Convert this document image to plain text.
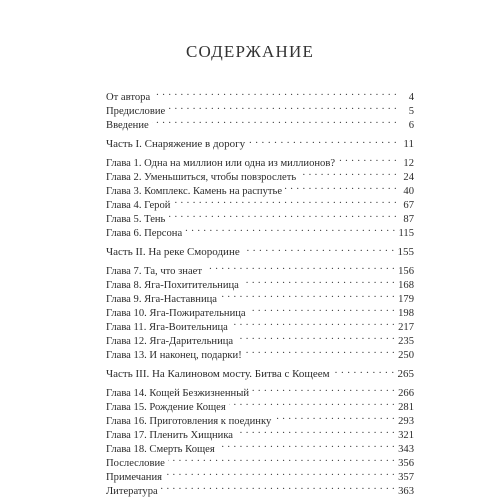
СОДЕРЖАНИЕ
От автора . . .	4
Предисловие . . .	5
Введение . . .	6
Часть I. Снаряжение в дорогу . . .	11
Глава 1. Одна на миллион или одна из миллионов? . . .	12
Глава 2. Уменьшиться, чтобы повзрослеть . . .	24
Глава 3. Комплекс. Камень на распутье . . .	40
Глава 4. Герой . . .	67
Глава 5. Тень . . .	87
Глава 6. Персона . . .	115
Часть II. На реке Смородине . . .	155
Глава 7. Та, что знает . . .	156
Глава 8. Яга-Похитительница . . .	168
Глава 9. Яга-Наставница . . .	179
Глава 10. Яга-Пожирательница . . .	198
Глава 11. Яга-Воительница . . .	217
Глава 12. Яга-Дарительница . . .	235
Глава 13. И наконец, подарки! . . .	250
Часть III. На Калиновом мосту. Битва с Кощеем . . .	265
Глава 14. Кощей Безжизненный . . .	266
Глава 15. Рождение Кощея . . .	281
Глава 16. Приготовления к поединку . . .	293
Глава 17. Пленить Хищника . . .	321
Глава 18. Смерть Кощея . . .	343
Послесловие . . .	356
Примечания . . .	357
Литература . . .	363
